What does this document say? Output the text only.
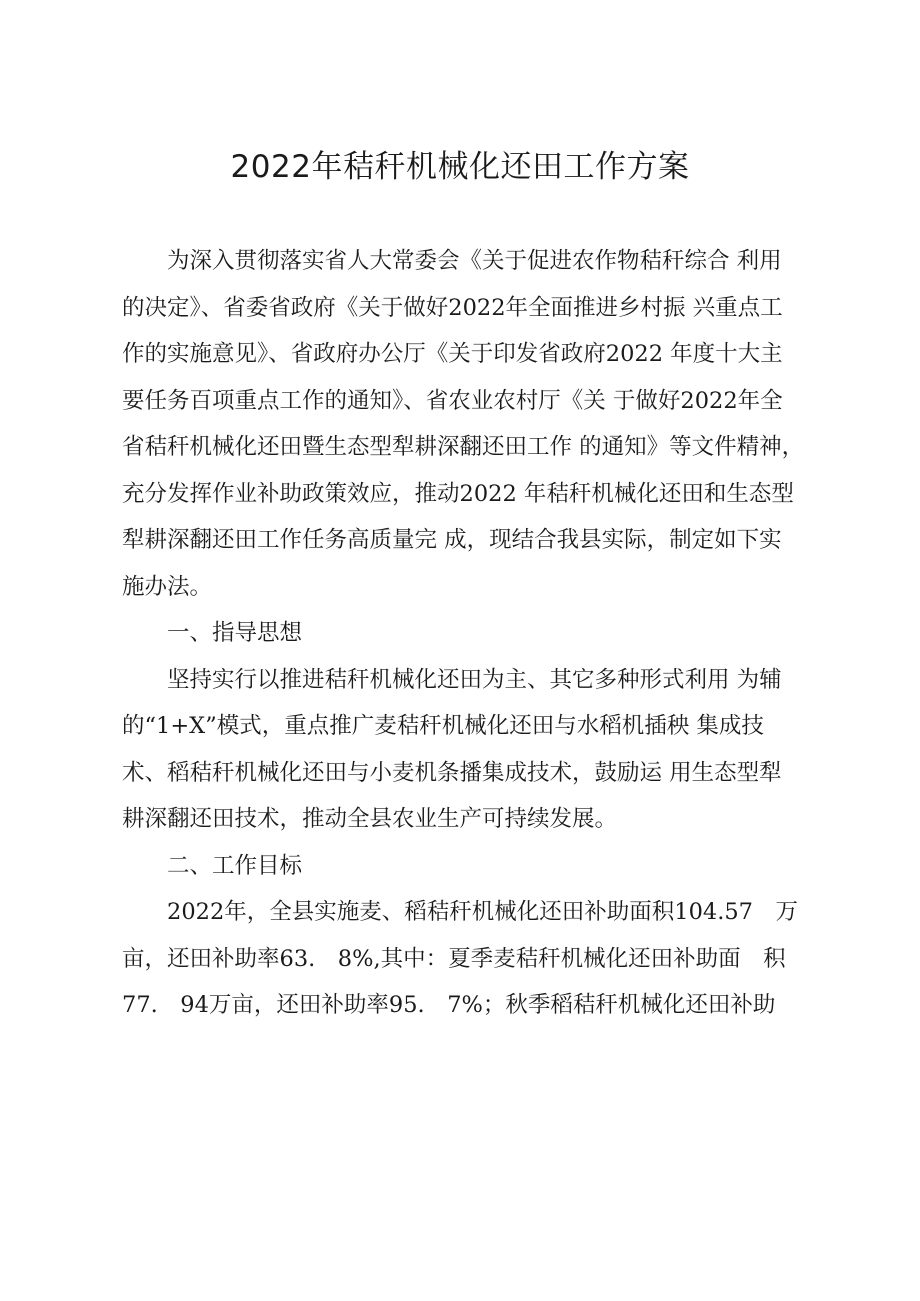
2022年秸秆机械化还田工作方案
为深入贯彻落实省人大常委会《关于促进农作物秸秆综合 利用
的决定》、省委省政府《关于做好2022年全面推进乡村振 兴重点工
作的实施意见》、省政府办公厅《关于印发省政府2022 年度十大主
要任务百项重点工作的通知》、省农业农村厅《关 于做好2022年全
省秸秆机械化还田暨生态型犁耕深翻还田工作 的通知》等文件精神，
充分发挥作业补助政策效应，推动2022 年秸秆机械化还田和生态型
犁耕深翻还田工作任务高质量完 成，现结合我县实际，制定如下实
施办法。
一、指导思想
坚持实行以推进秸秆机械化还田为主、其它多种形式利用 为辅
的“1+X”模式，重点推广麦秸秆机械化还田与水稻机插秧 集成技
术、稻秸秆机械化还田与小麦机条播集成技术，鼓励运 用生态型犁
耕深翻还田技术，推动全县农业生产可持续发展。
二、工作目标
2022年，全县实施麦、稻秸秆机械化还田补助面积104.57　万
亩，还田补助率63.　8%,其中：夏季麦秸秆机械化还田补助面　积
77.　94万亩，还田补助率95.　7%；秋季稻秸秆机械化还田补助
